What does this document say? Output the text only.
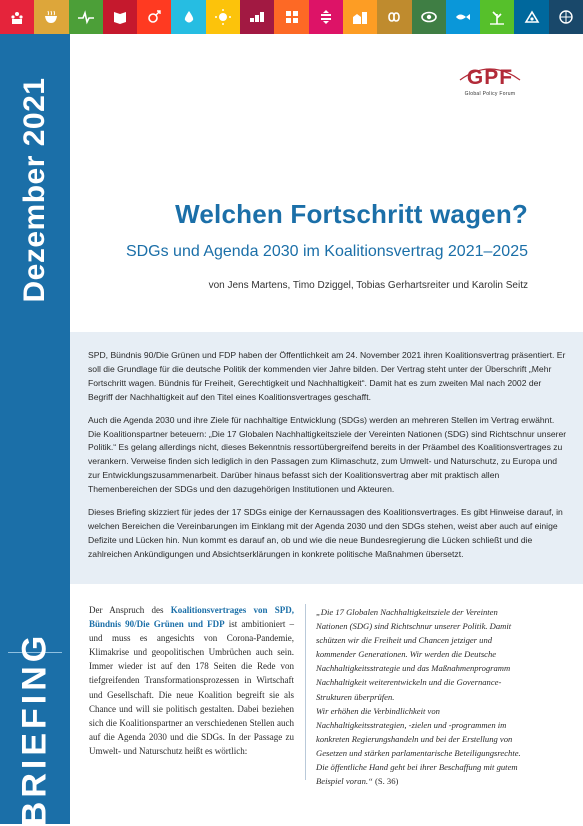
Dezember 2021
BRIEFING
GPF
Global Policy Forum
Welchen Fortschritt wagen?
SDGs und Agenda 2030 im Koalitionsvertrag 2021–2025
von Jens Martens, Timo Dziggel, Tobias Gerhartsreiter und Karolin Seitz

SPD, Bündnis 90/Die Grünen und FDP haben der Öffentlichkeit am 24. November 2021 ihren Koalitionsvertrag präsentiert. Er soll die Grundlage für die deutsche Politik der kommenden vier Jahre bilden. Der Vertrag steht unter der Überschrift „Mehr Fortschritt wagen. Bündnis für Freiheit, Gerechtigkeit und Nachhaltigkeit“. Damit hat es zum zweiten Mal nach 2002 der Begriff der Nachhaltigkeit auf den Titel eines Koalitionsvertrages geschafft.

Auch die Agenda 2030 und ihre Ziele für nachhaltige Entwicklung (SDGs) werden an mehreren Stellen im Vertrag erwähnt. Die Koalitionspartner beteuern: „Die 17 Globalen Nachhaltigkeitsziele der Vereinten Nationen (SDG) sind Richtschnur unserer Politik.“ Es gelang allerdings nicht, dieses Bekenntnis ressortübergreifend bereits in der Präambel des Koalitionsvertrages zu verankern. Verweise finden sich lediglich in den Passagen zum Klimaschutz, zum Umwelt- und Naturschutz, zu Europa und zur Entwicklungszusammenarbeit. Darüber hinaus befasst sich der Koalitionsvertrag aber mit praktisch allen Themenbereichen der SDGs und den dazugehörigen Institutionen und Akteuren.

Dieses Briefing skizziert für jedes der 17 SDGs einige der Kernaussagen des Koalitionsvertrages. Es gibt Hinweise darauf, in welchen Bereichen die Vereinbarungen im Einklang mit der Agenda 2030 und den SDGs stehen, weist aber auch auf einige Defizite und Lücken hin. Nun kommt es darauf an, ob und wie die neue Bundesregierung die Lücken schließt und die zahlreichen Ankündigungen und Absichtserklärungen in konkrete politische Maßnahmen übersetzt.

Der Anspruch des Koalitionsvertrages von SPD, Bündnis 90/Die Grünen und FDP ist ambitioniert – und muss es angesichts von Corona-Pandemie, Klimakrise und geopolitischen Umbrüchen auch sein. Immer wieder ist auf den 178 Seiten die Rede von tiefgreifenden Transformationsprozessen in Wirtschaft und Gesellschaft. Die neue Koalition begreift sie als Chance und will sie politisch gestalten. Dabei beziehen sich die Koalitionspartner an verschiedenen Stellen auch auf die Agenda 2030 und die SDGs. In der Passage zu Umwelt- und Naturschutz heißt es wörtlich:

„Die 17 Globalen Nachhaltigkeitsziele der Vereinten Nationen (SDG) sind Richtschnur unserer Politik. Damit schützen wir die Freiheit und Chancen jetziger und kommender Generationen. Wir werden die Deutsche Nachhaltigkeitsstrategie und das Maßnahmenprogramm Nachhaltigkeit weiterentwickeln und die Governance-Strukturen überprüfen.

Wir erhöhen die Verbindlichkeit von Nachhaltigkeitsstrategien, -zielen und -programmen im konkreten Regierungshandeln und bei der Erstellung von Gesetzen und stärken parlamentarische Beteiligungsrechte. Die öffentliche Hand geht bei ihrer Beschaffung mit gutem Beispiel voran.“

(S. 36)
